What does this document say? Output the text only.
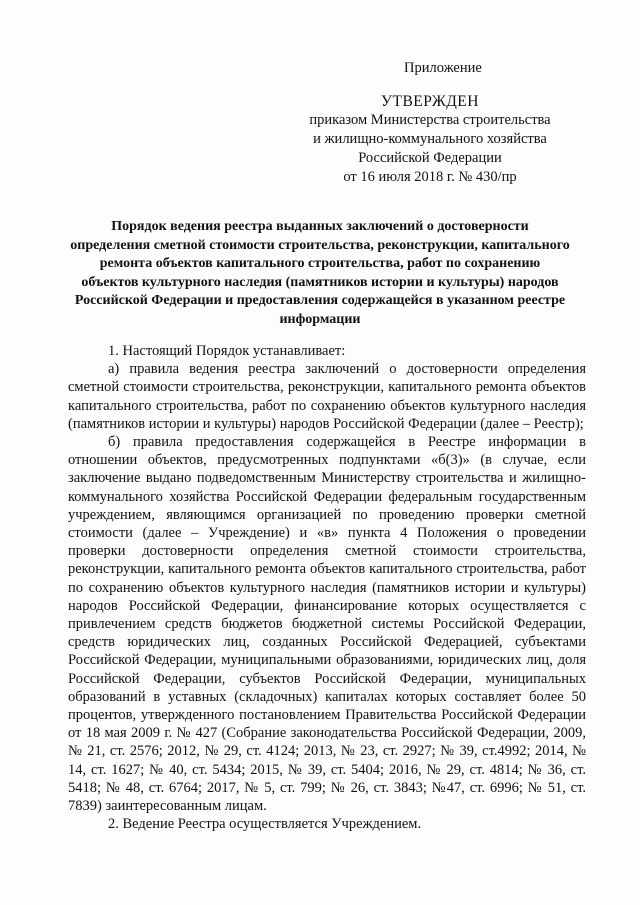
Приложение
УТВЕРЖДЕН
приказом Министерства строительства
и жилищно-коммунального хозяйства
Российской Федерации
от 16 июля 2018 г. № 430/пр
Порядок ведения реестра выданных заключений о достоверности определения сметной стоимости строительства, реконструкции, капитального ремонта объектов капитального строительства, работ по сохранению объектов культурного наследия (памятников истории и культуры) народов Российской Федерации и предоставления содержащейся в указанном реестре информации

1. Настоящий Порядок устанавливает:

а) правила ведения реестра заключений о достоверности определения сметной стоимости строительства, реконструкции, капитального ремонта объектов капитального строительства, работ по сохранению объектов культурного наследия (памятников истории и культуры) народов Российской Федерации (далее – Реестр);

б) правила предоставления содержащейся в Реестре информации в отношении объектов, предусмотренных подпунктами «б(3)» (в случае, если заключение выдано подведомственным Министерству строительства и жилищно-коммунального хозяйства Российской Федерации федеральным государственным учреждением, являющимся организацией по проведению проверки сметной стоимости (далее – Учреждение) и «в» пункта 4 Положения о проведении проверки достоверности определения сметной стоимости строительства, реконструкции, капитального ремонта объектов капитального строительства, работ по сохранению объектов культурного наследия (памятников истории и культуры) народов Российской Федерации, финансирование которых осуществляется с привлечением средств бюджетов бюджетной системы Российской Федерации, средств юридических лиц, созданных Российской Федерацией, субъектами Российской Федерации, муниципальными образованиями, юридических лиц, доля Российской Федерации, субъектов Российской Федерации, муниципальных образований в уставных (складочных) капиталах которых составляет более 50 процентов, утвержденного постановлением Правительства Российской Федерации от 18 мая 2009 г. № 427 (Собрание законодательства Российской Федерации, 2009, № 21, ст. 2576; 2012, № 29, ст. 4124; 2013, № 23, ст. 2927; № 39, ст.4992; 2014, № 14, ст. 1627; № 40, ст. 5434; 2015, № 39, ст. 5404; 2016, № 29, ст. 4814; № 36, ст. 5418; № 48, ст. 6764; 2017, № 5, ст. 799; № 26, ст. 3843; №47, ст. 6996; № 51, ст. 7839) заинтересованным лицам.

2. Ведение Реестра осуществляется Учреждением.
